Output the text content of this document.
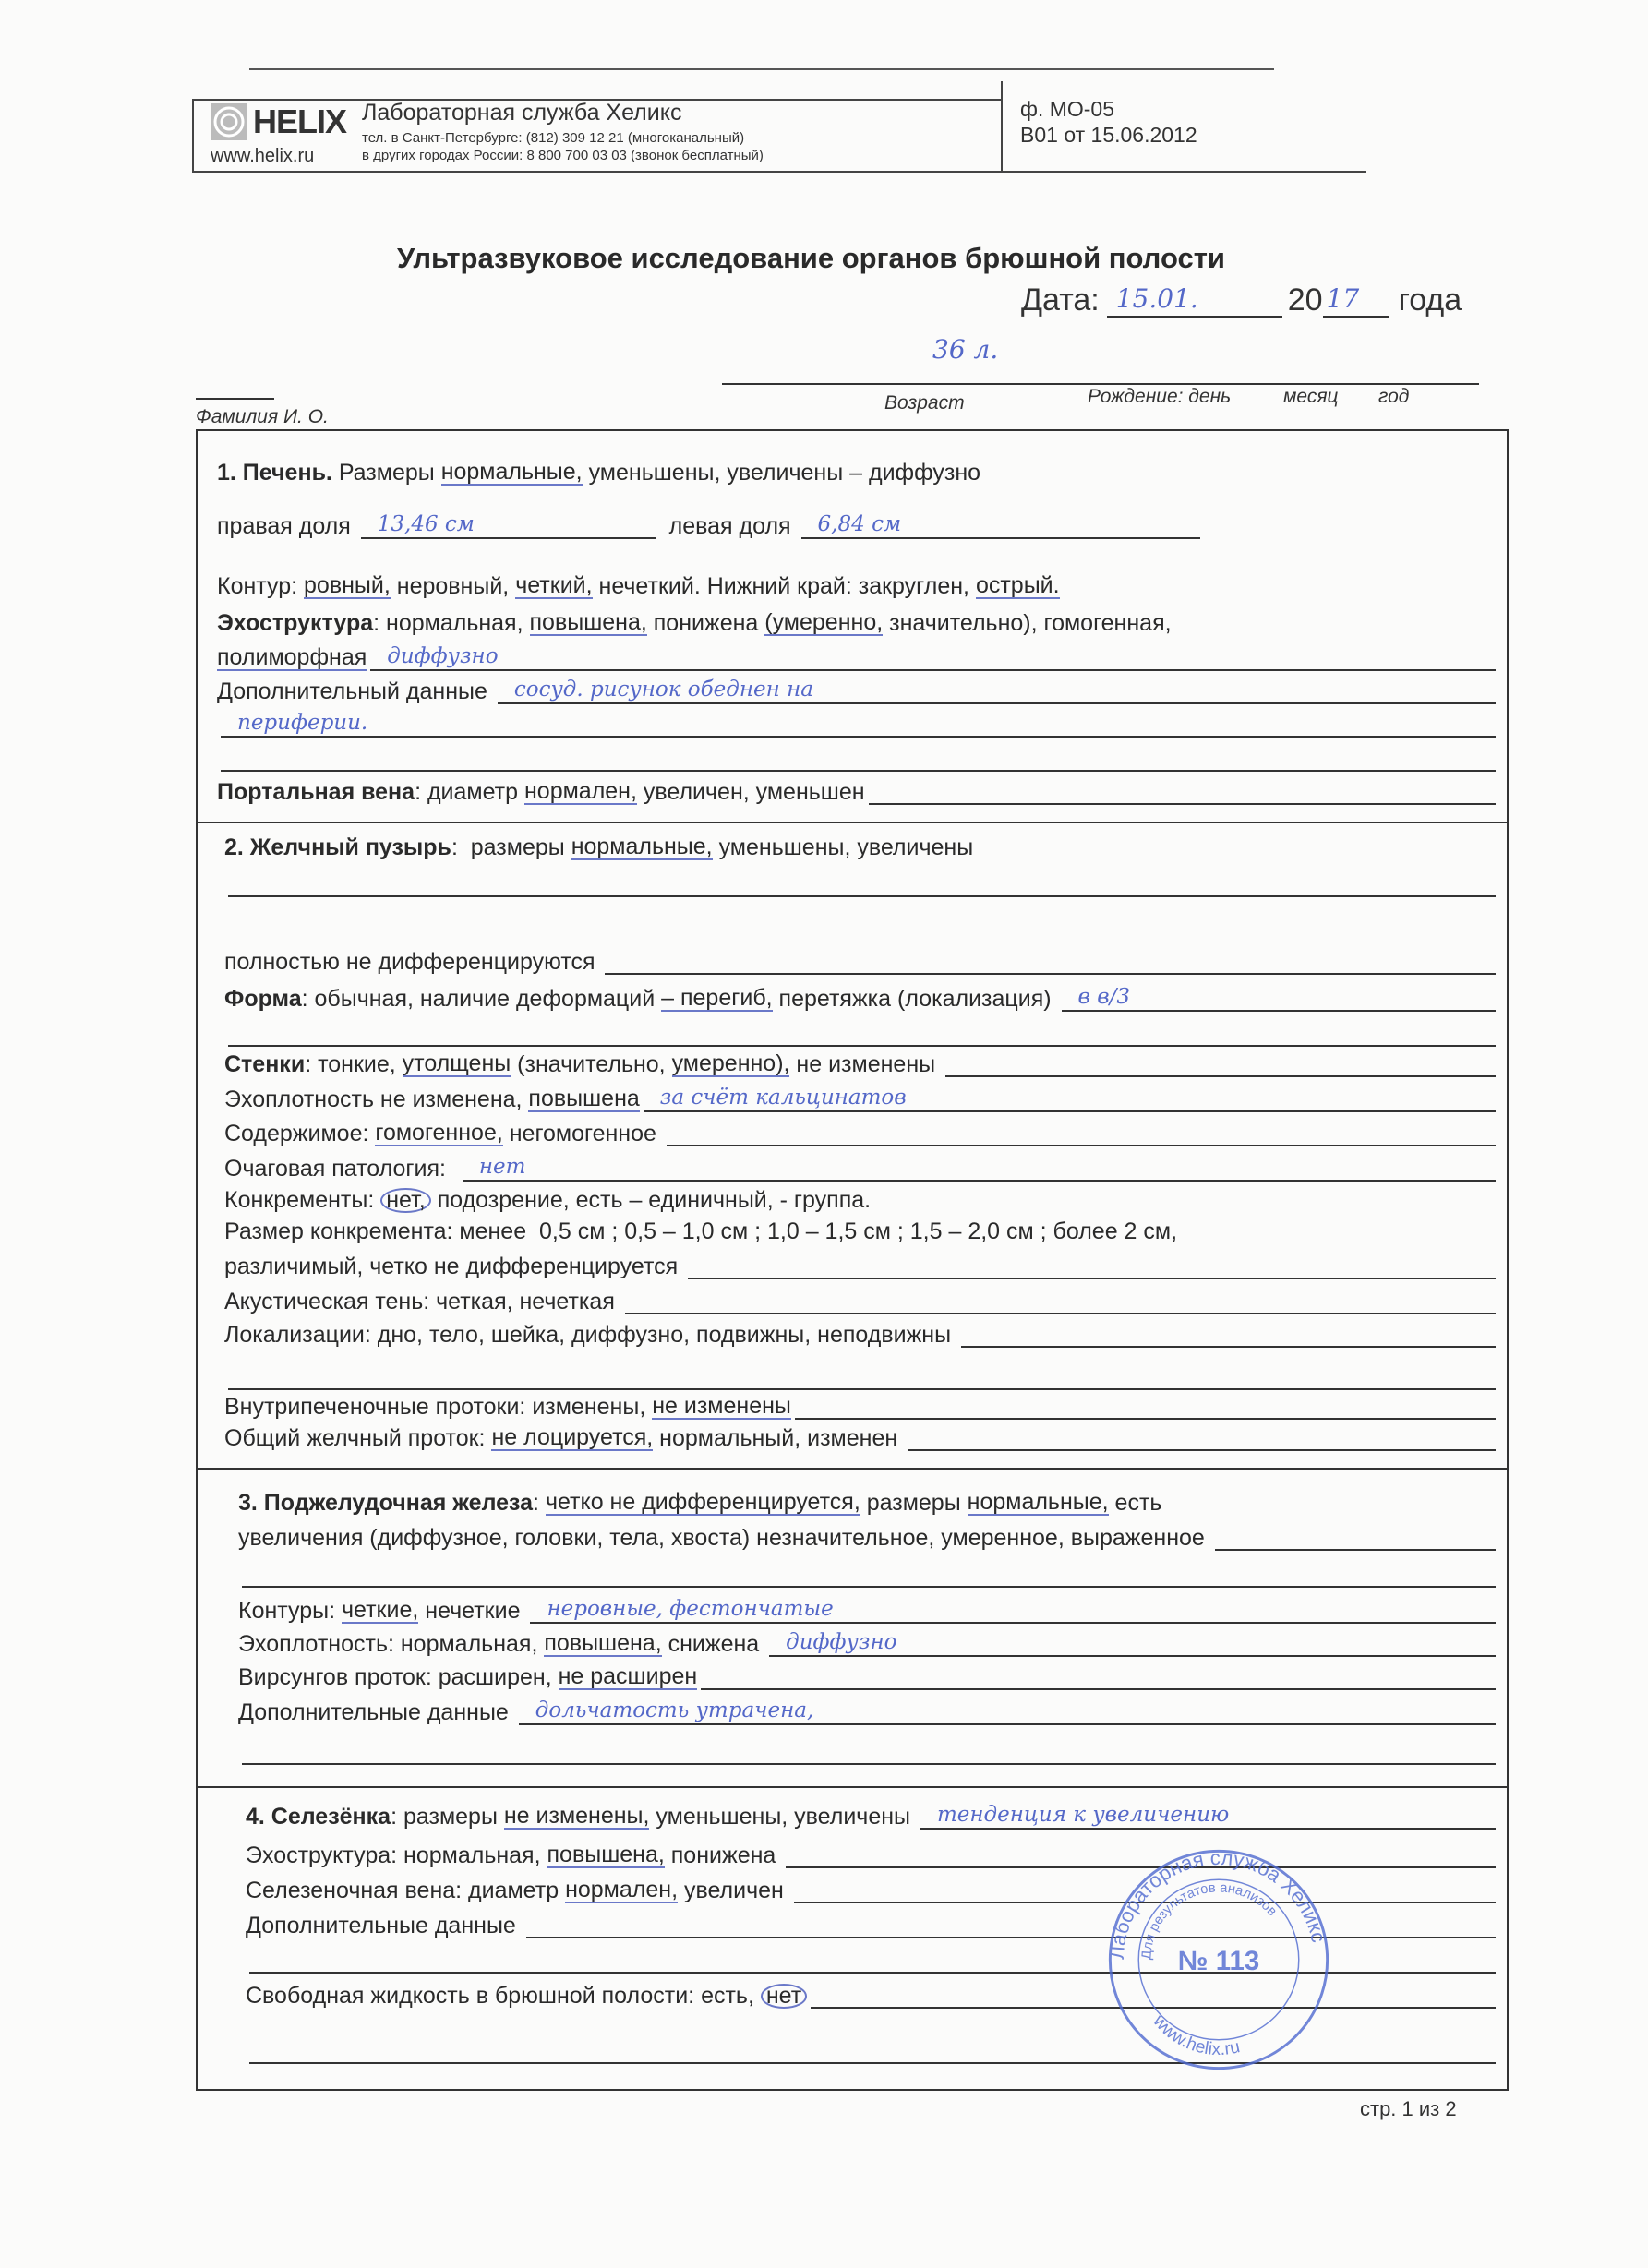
HELIX
www.helix.ru
Лабораторная служба Хеликс
тел. в Санкт-Петербурге: (812) 309 12 21 (многоканальный)
в других городах России: 8 800 700 03 03 (звонок бесплатный)
ф. МО-05
В01 от 15.06.2012
Ультразвуковое исследование органов брюшной полости
Дата: 15.01.	20 17 года
36 л.
Возраст	Рождение: день	месяц год
Фамилия И. О.
1. Печень. Размеры нормальные, уменьшены, увеличены – диффузно
правая доля 13,46 см	левая доля 6,84 см
Контур: ровный, неровный, четкий, нечеткий. Нижний край: закруглен, острый.
Эхоструктура : нормальная, повышена, понижена (умеренно, значительно), гомогенная,
полиморфная диффузно
Дополнительный данные сосуд. рисунок обеднен на
периферии.
Портальная вена : диаметр нормален, увеличен, уменьшен
2. Желчный пузырь :  размеры нормальные, уменьшены, увеличены
полностью не дифференцируются
Форма : обычная, наличие деформаций – перегиб, перетяжка (локализация) в в/3
Стенки : тонкие, утолщены (значительно, умеренно), не изменены
Эхоплотность не изменена, повышена за счёт кальцинатов
Содержимое: гомогенное, негомогенное
Очаговая патология: нет
Конкременты: нет, подозрение, есть – единичный, - группа.
Размер конкремента: менее  0,5 см ; 0,5 – 1,0 см ; 1,0 – 1,5 см ; 1,5 – 2,0 см ; более 2 см,
различимый, четко не дифференцируется
Акустическая тень: четкая, нечеткая
Локализации: дно, тело, шейка, диффузно, подвижны, неподвижны
Внутрипеченочные протоки: изменены, не изменены
Общий желчный проток: не лоцируется, нормальный, изменен
3. Поджелудочная железа : четко не дифференцируется, размеры нормальные, есть
увеличения (диффузное, головки, тела, хвоста) незначительное, умеренное, выраженное
Контуры: четкие, нечеткие неровные, фестончатые
Эхоплотность: нормальная, повышена, снижена диффузно
Вирсунгов проток: расширен, не расширен
Дополнительные данные дольчатость утрачена,
4. Селезёнка : размеры не изменены, уменьшены, увеличены тенденция к увеличению
Эхоструктура: нормальная, повышена, понижена
Селезеночная вена: диаметр нормален, увеличен
Дополнительные данные
Свободная жидкость в брюшной полости: есть, нет
Лабораторная служба Хеликс
Для результатов анализов
№ 113
www.helix.ru
стр. 1 из 2
